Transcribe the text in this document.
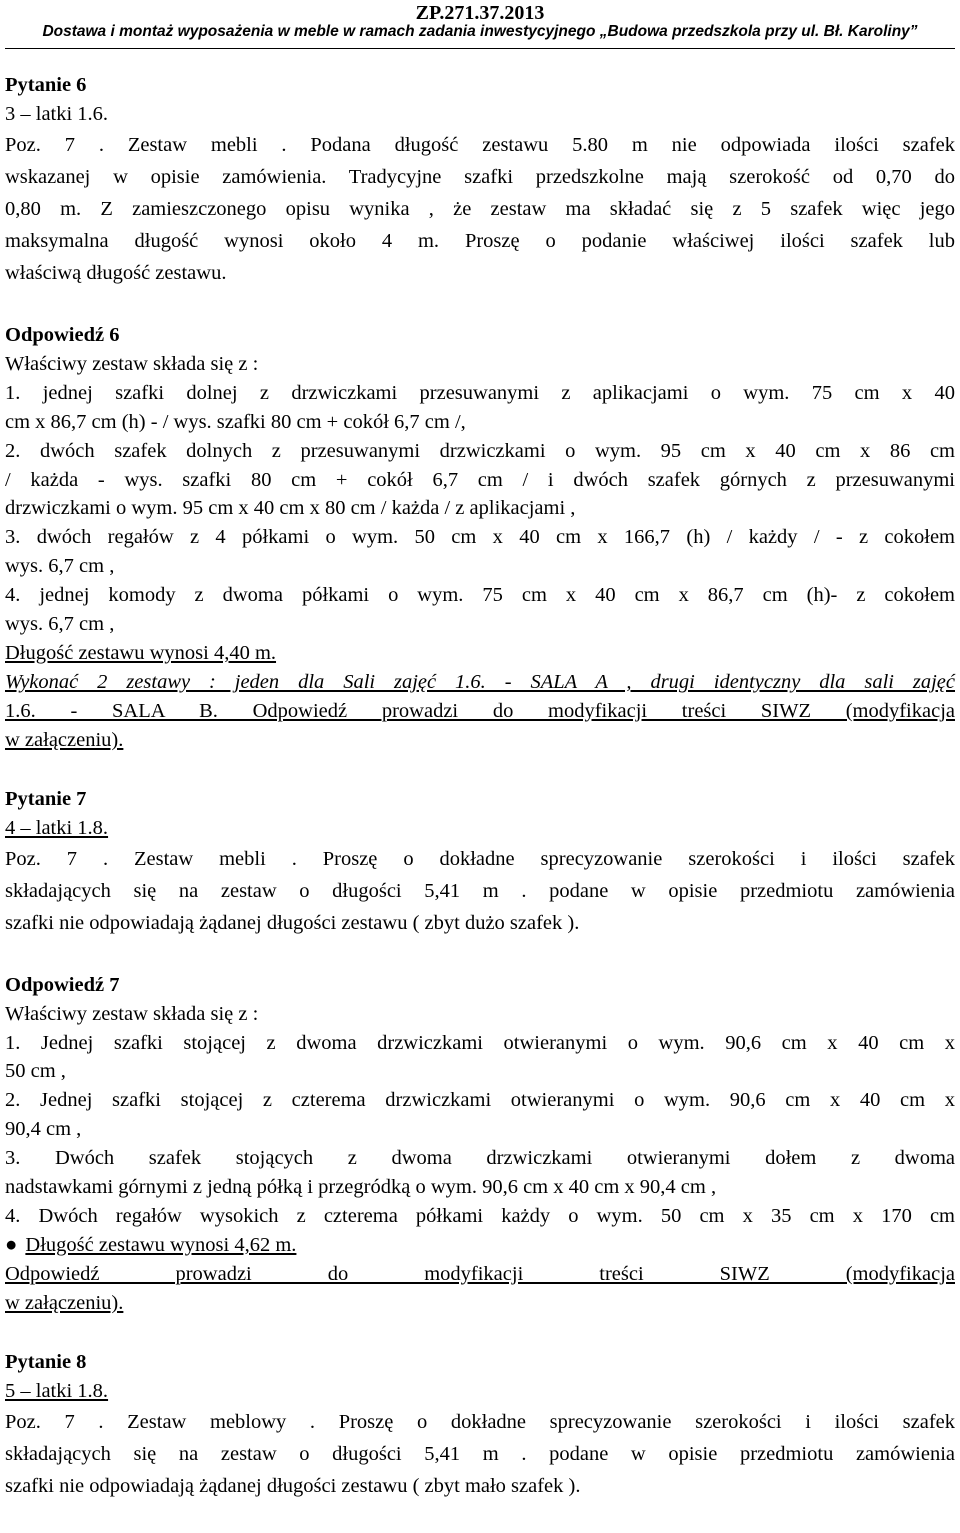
ZP.271.37.2013
Dostawa i montaż wyposażenia w meble w ramach zadania inwestycyjnego „Budowa przedszkola przy ul. Bł. Karoliny”
Pytanie 6
3 – latki 1.6.
Poz. 7 . Zestaw mebli . Podana długość zestawu 5.80 m nie odpowiada ilości szafek
wskazanej w opisie zamówienia. Tradycyjne szafki przedszkolne mają szerokość od 0,70 do
0,80 m. Z zamieszczonego opisu wynika , że zestaw ma składać się z 5 szafek więc jego
maksymalna długość wynosi około 4 m. Proszę o podanie właściwej ilości szafek lub
właściwą długość zestawu.
Odpowiedź 6
Właściwy zestaw składa się z :
1. jednej szafki dolnej z drzwiczkami przesuwanymi z aplikacjami o wym. 75 cm x 40
cm x 86,7 cm (h) - / wys. szafki 80 cm + cokół 6,7 cm /,
2. dwóch szafek dolnych z przesuwanymi drzwiczkami o wym. 95 cm x 40 cm x 86 cm
/ każda - wys. szafki 80 cm + cokół 6,7 cm / i dwóch szafek górnych z przesuwanymi
drzwiczkami o wym. 95 cm x 40 cm x 80 cm / każda / z aplikacjami ,
3. dwóch regałów z 4 półkami o wym. 50 cm x 40 cm x 166,7 (h) / każdy / - z cokołem
wys. 6,7 cm ,
4. jednej komody z dwoma półkami o wym. 75 cm x 40 cm x 86,7 cm (h)- z cokołem
wys. 6,7 cm ,
Długość zestawu wynosi 4,40 m.
Wykonać 2 zestawy : jeden dla Sali zajęć 1.6. - SALA A , drugi identyczny dla sali zajęć
1.6. - SALA B. Odpowiedź prowadzi do modyfikacji treści SIWZ (modyfikacja
w załączeniu).
Pytanie 7
4 – latki 1.8.
Poz. 7 . Zestaw mebli . Proszę o dokładne sprecyzowanie szerokości i ilości szafek
składających się na zestaw o długości 5,41 m . podane w opisie przedmiotu zamówienia
szafki nie odpowiadają żądanej długości zestawu ( zbyt dużo szafek ).
Odpowiedź 7
Właściwy zestaw składa się z :
1. Jednej szafki stojącej z dwoma drzwiczkami otwieranymi o wym. 90,6 cm x 40 cm x
50 cm ,
2. Jednej szafki stojącej z czterema drzwiczkami otwieranymi o wym. 90,6 cm x 40 cm x
90,4 cm ,
3. Dwóch szafek stojących z dwoma drzwiczkami otwieranymi dołem z dwoma
nadstawkami górnymi z jedną półką i przegródką o wym. 90,6 cm x 40 cm x 90,4 cm ,
4. Dwóch regałów wysokich z czterema półkami każdy o wym. 50 cm x 35 cm x 170 cm
● Długość zestawu wynosi 4,62 m.
Odpowiedź prowadzi do modyfikacji treści SIWZ (modyfikacja
w załączeniu).
Pytanie 8
5 – latki 1.8.
Poz. 7 . Zestaw meblowy . Proszę o dokładne sprecyzowanie szerokości i ilości szafek
składających się na zestaw o długości 5,41 m . podane w opisie przedmiotu zamówienia
szafki nie odpowiadają żądanej długości zestawu ( zbyt mało szafek ).
